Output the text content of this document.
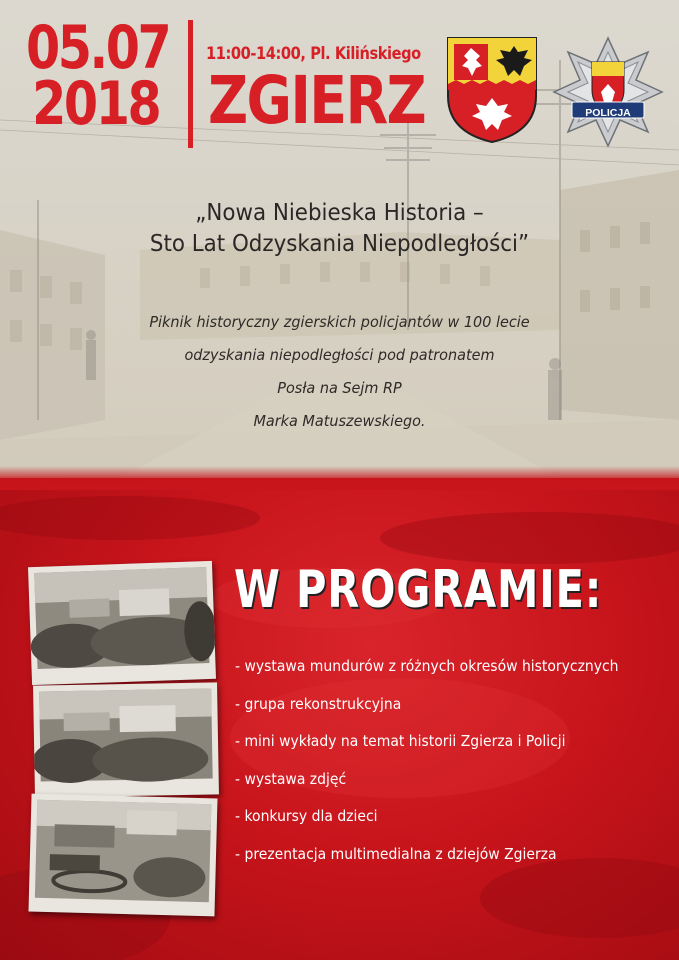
05.07
2018
11:00-14:00, Pl. Kilińskiego
ZGIERZ	POLICJA
„Nowa Niebieska Historia –
Sto Lat Odzyskania Niepodległości”
Piknik historyczny zgierskich policjantów w 100 lecie
odzyskania niepodległości pod patronatem
Posła na Sejm RP
Marka Matuszewskiego.
W PROGRAMIE:
- wystawa mundurów z różnych okresów historycznych
- grupa rekonstrukcyjna
- mini wykłady na temat historii Zgierza i Policji
- wystawa zdjęć
- konkursy dla dzieci
- prezentacja multimedialna z dziejów Zgierza
